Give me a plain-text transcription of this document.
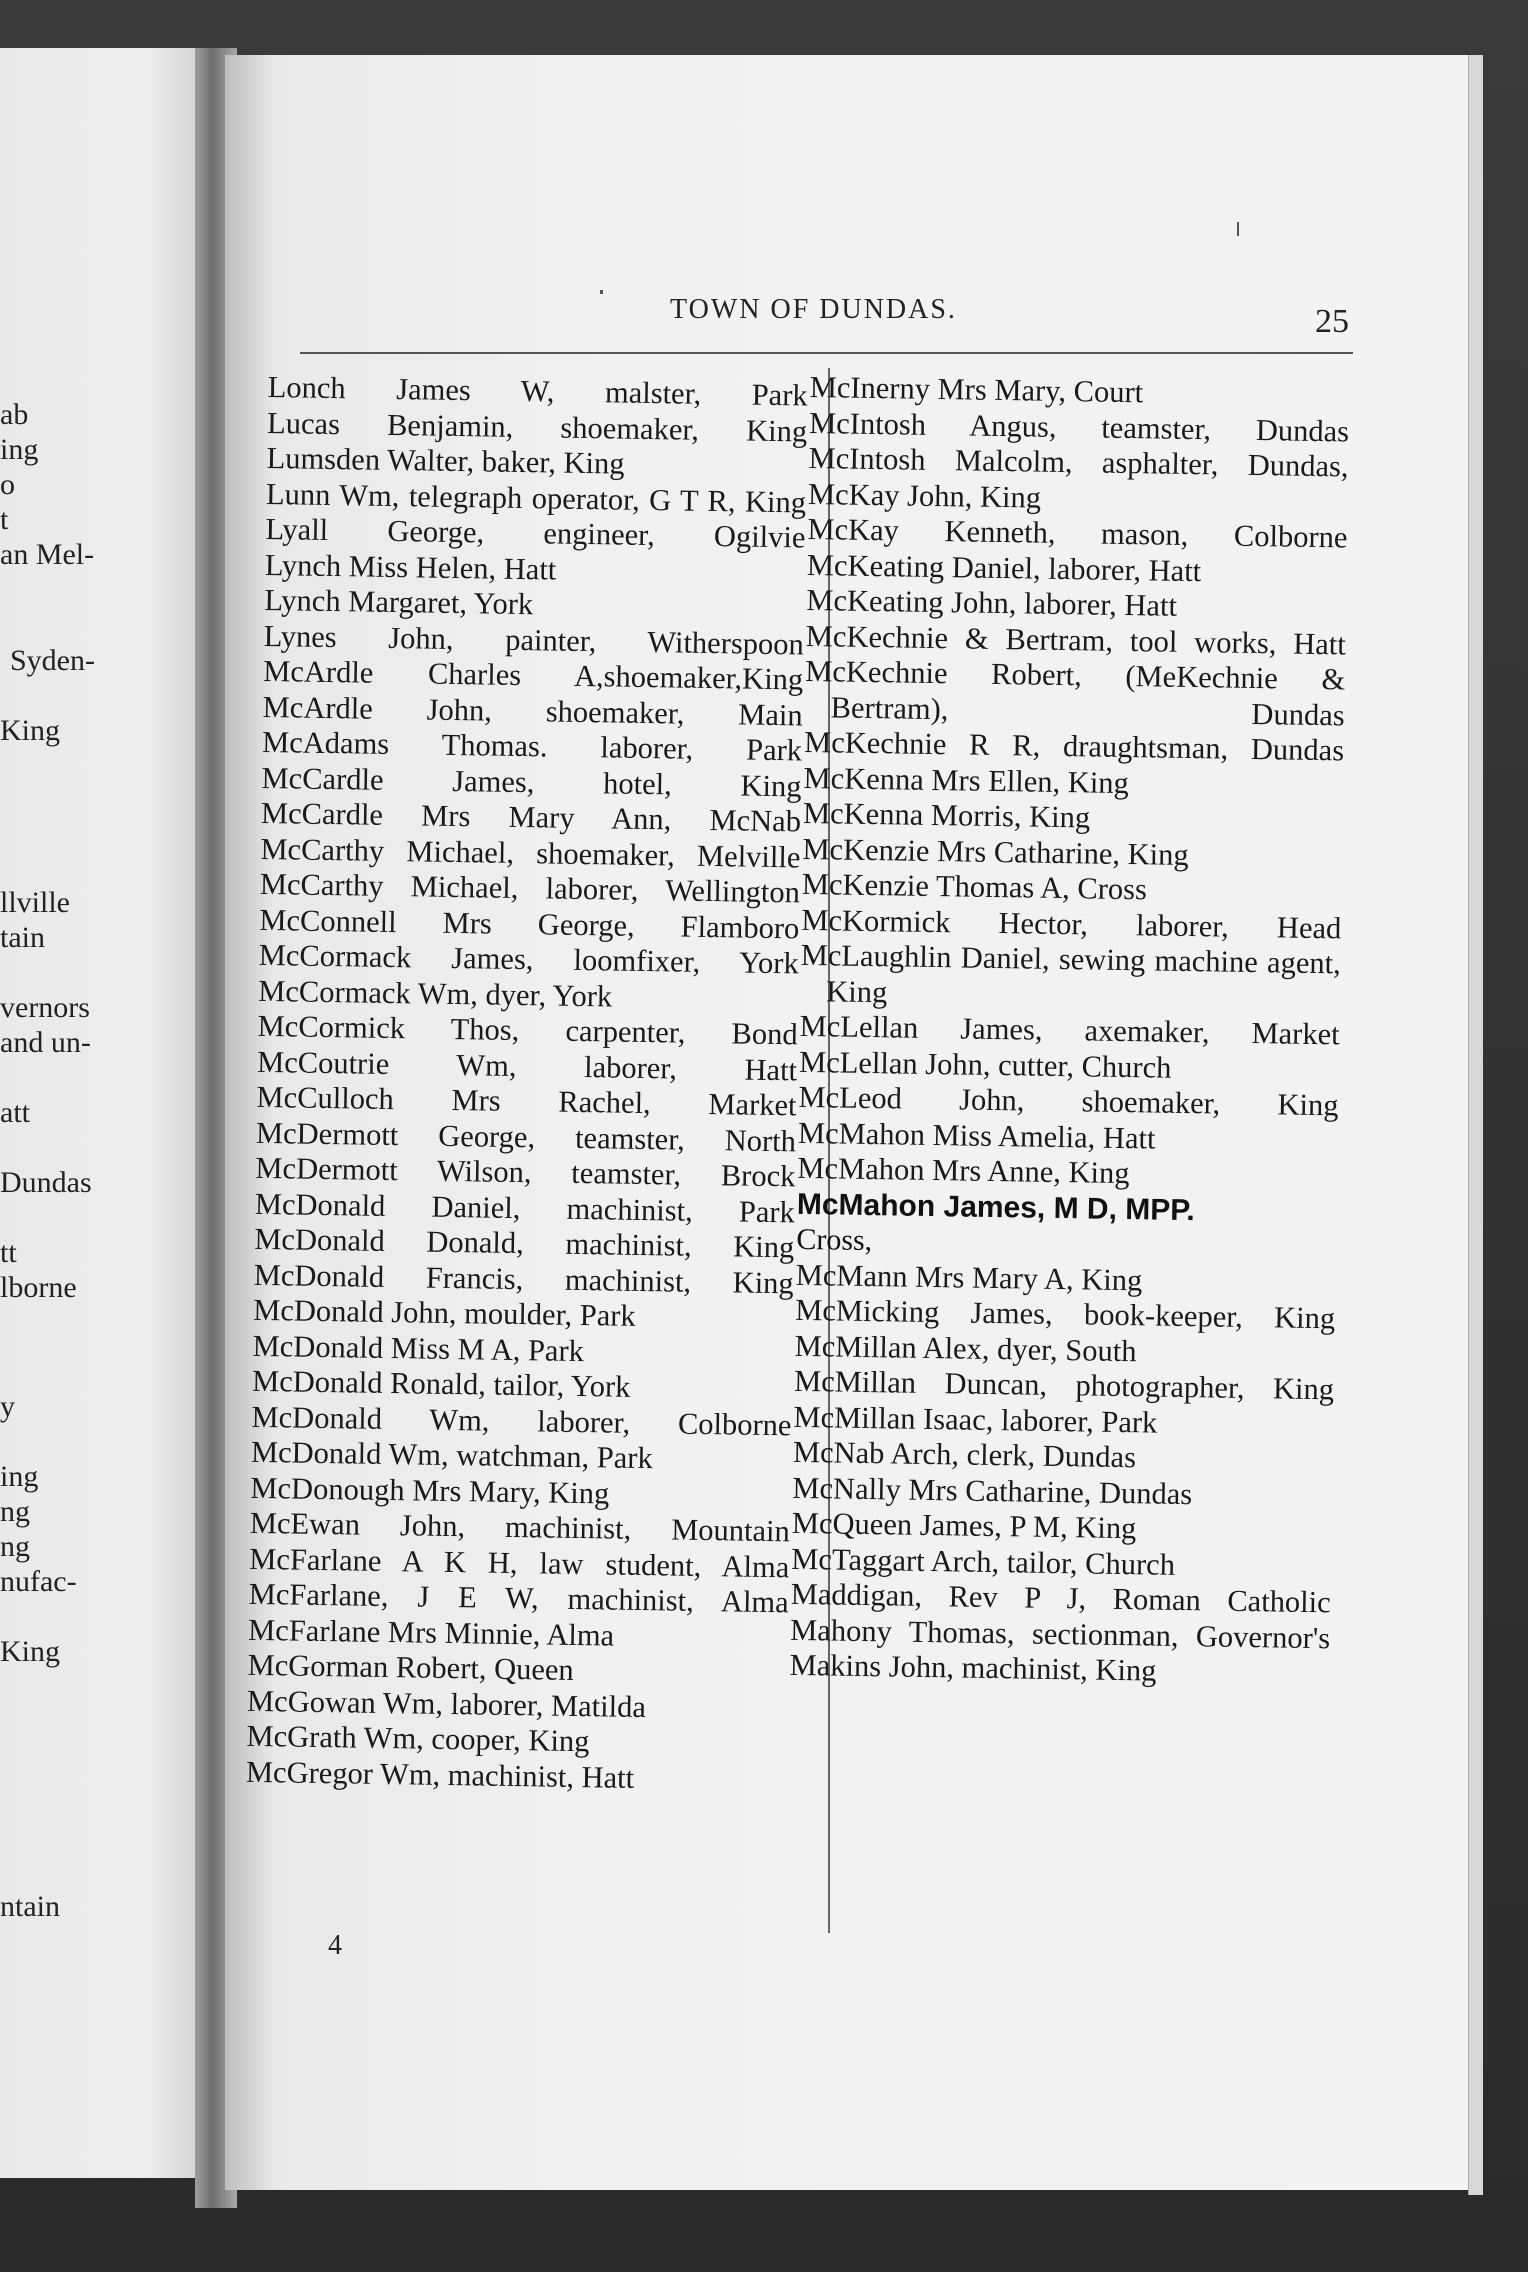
ab
ing
o
t
an Mel-
Syden-
King
llville
tain
vernors
and un-
att
Dundas
tt
lborne
y
ing
ng
ng
nufac-
King
ntain
TOWN OF DUNDAS.	25
Lonch James W, malster, Park
Lucas Benjamin, shoemaker, King
Lumsden Walter, baker, King
Lunn Wm, telegraph operator, G T R, King
Lyall George, engineer, Ogilvie
Lynch Miss Helen, Hatt
Lynch Margaret, York
Lynes John, painter, Witherspoon
McArdle Charles A,shoemaker,King
McArdle John, shoemaker, Main
McAdams Thomas. laborer, Park
McCardle James, hotel, King
McCardle Mrs Mary Ann, McNab
McCarthy Michael, shoemaker, Melville
McCarthy Michael, laborer, Wellington
McConnell Mrs George, Flamboro
McCormack James, loomfixer, York
McCormack Wm, dyer, York
McCormick Thos, carpenter, Bond
McCoutrie Wm, laborer, Hatt
McCulloch Mrs Rachel, Market
McDermott George, teamster, North
McDermott Wilson, teamster, Brock
McDonald Daniel, machinist, Park
McDonald Donald, machinist, King
McDonald Francis, machinist, King
McDonald John, moulder, Park
McDonald Miss M A, Park
McDonald Ronald, tailor, York
McDonald Wm, laborer, Colborne
McDonald Wm, watchman, Park
McDonough Mrs Mary, King
McEwan John, machinist, Mountain
McFarlane A K H, law student, Alma
McFarlane, J E W, machinist, Alma
McFarlane Mrs Minnie, Alma
McGorman Robert, Queen
McGowan Wm, laborer, Matilda
McGrath Wm, cooper, King
McGregor Wm, machinist, Hatt
McInerny Mrs Mary, Court
McIntosh Angus, teamster, Dundas
McIntosh Malcolm, asphalter, Dundas,
McKay John, King
McKay Kenneth, mason, Colborne
McKeating Daniel, laborer, Hatt
McKeating John, laborer, Hatt
McKechnie & Bertram, tool works, Hatt
McKechnie Robert, (MeKechnie & Bertram), Dundas
McKechnie R R, draughtsman, Dundas
McKenna Mrs Ellen, King
McKenna Morris, King
McKenzie Mrs Catharine, King
McKenzie Thomas A, Cross
McKormick Hector, laborer, Head
McLaughlin Daniel, sewing machine agent, King
McLellan James, axemaker, Market
McLellan John, cutter, Church
McLeod John, shoemaker, King
McMahon Miss Amelia, Hatt
McMahon Mrs Anne, King
McMahon James, M D, MPP.
Cross,
McMann Mrs Mary A, King
McMicking James, book-keeper, King
McMillan Alex, dyer, South
McMillan Duncan, photographer, King
McMillan Isaac, laborer, Park
McNab Arch, clerk, Dundas
McNally Mrs Catharine, Dundas
McQueen James, P M, King
McTaggart Arch, tailor, Church
Maddigan, Rev P J, Roman Catholic
Mahony Thomas, sectionman, Governor's
Makins John, machinist, King
4
